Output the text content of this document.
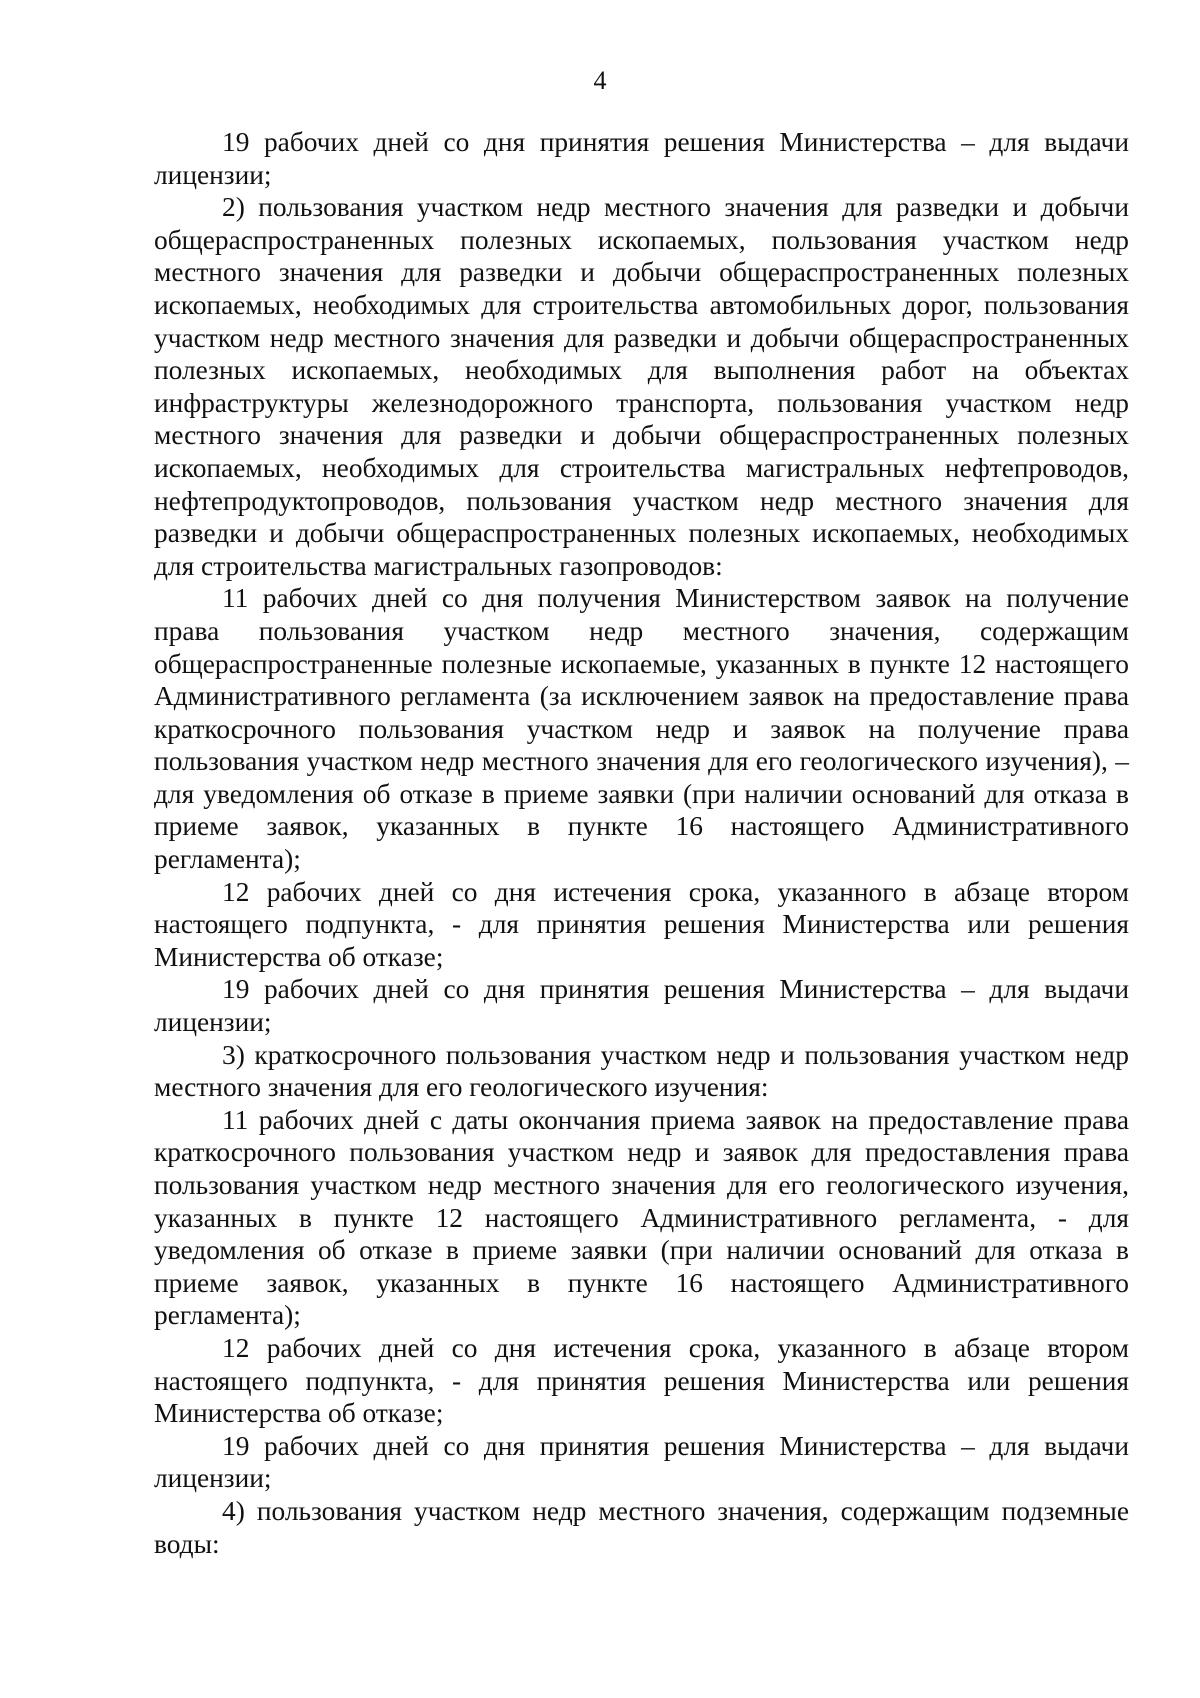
4

19 рабочих дней со дня принятия решения Министерства – для выдачи лицензии;

2) пользования участком недр местного значения для разведки и добычи общераспространенных полезных ископаемых, пользования участком недр местного значения для разведки и добычи общераспространенных полезных ископаемых, необходимых для строительства автомобильных дорог, пользования участком недр местного значения для разведки и добычи общераспространенных полезных ископаемых, необходимых для выполнения работ на объектах инфраструктуры железнодорожного транспорта, пользования участком недр местного значения для разведки и добычи общераспространенных полезных ископаемых, необходимых для строительства магистральных нефтепроводов, нефтепродуктопроводов, пользования участком недр местного значения для разведки и добычи общераспространенных полезных ископаемых, необходимых для строительства магистральных газопроводов:

11 рабочих дней со дня получения Министерством заявок на получение права пользования участком недр местного значения, содержащим общераспространенные полезные ископаемые, указанных в пункте 12 настоящего Административного регламента (за исключением заявок на предоставление права краткосрочного пользования участком недр и заявок на получение права пользования участком недр местного значения для его геологического изучения), – для уведомления об отказе в приеме заявки (при наличии оснований для отказа в приеме заявок, указанных в пункте 16 настоящего Административного регламента);

12 рабочих дней со дня истечения срока, указанного в абзаце втором настоящего подпункта, - для принятия решения Министерства или решения Министерства об отказе;

19 рабочих дней со дня принятия решения Министерства – для выдачи лицензии;

3) краткосрочного пользования участком недр и пользования участком недр местного значения для его геологического изучения:

11 рабочих дней с даты окончания приема заявок на предоставление права краткосрочного пользования участком недр и заявок для предоставления права пользования участком недр местного значения для его геологического изучения, указанных в пункте 12 настоящего Административного регламента, - для уведомления об отказе в приеме заявки (при наличии оснований для отказа в приеме заявок, указанных в пункте 16 настоящего Административного регламента);

12 рабочих дней со дня истечения срока, указанного в абзаце втором настоящего подпункта, - для принятия решения Министерства или решения Министерства об отказе;

19 рабочих дней со дня принятия решения Министерства – для выдачи лицензии;

4) пользования участком недр местного значения, содержащим подземные воды:
